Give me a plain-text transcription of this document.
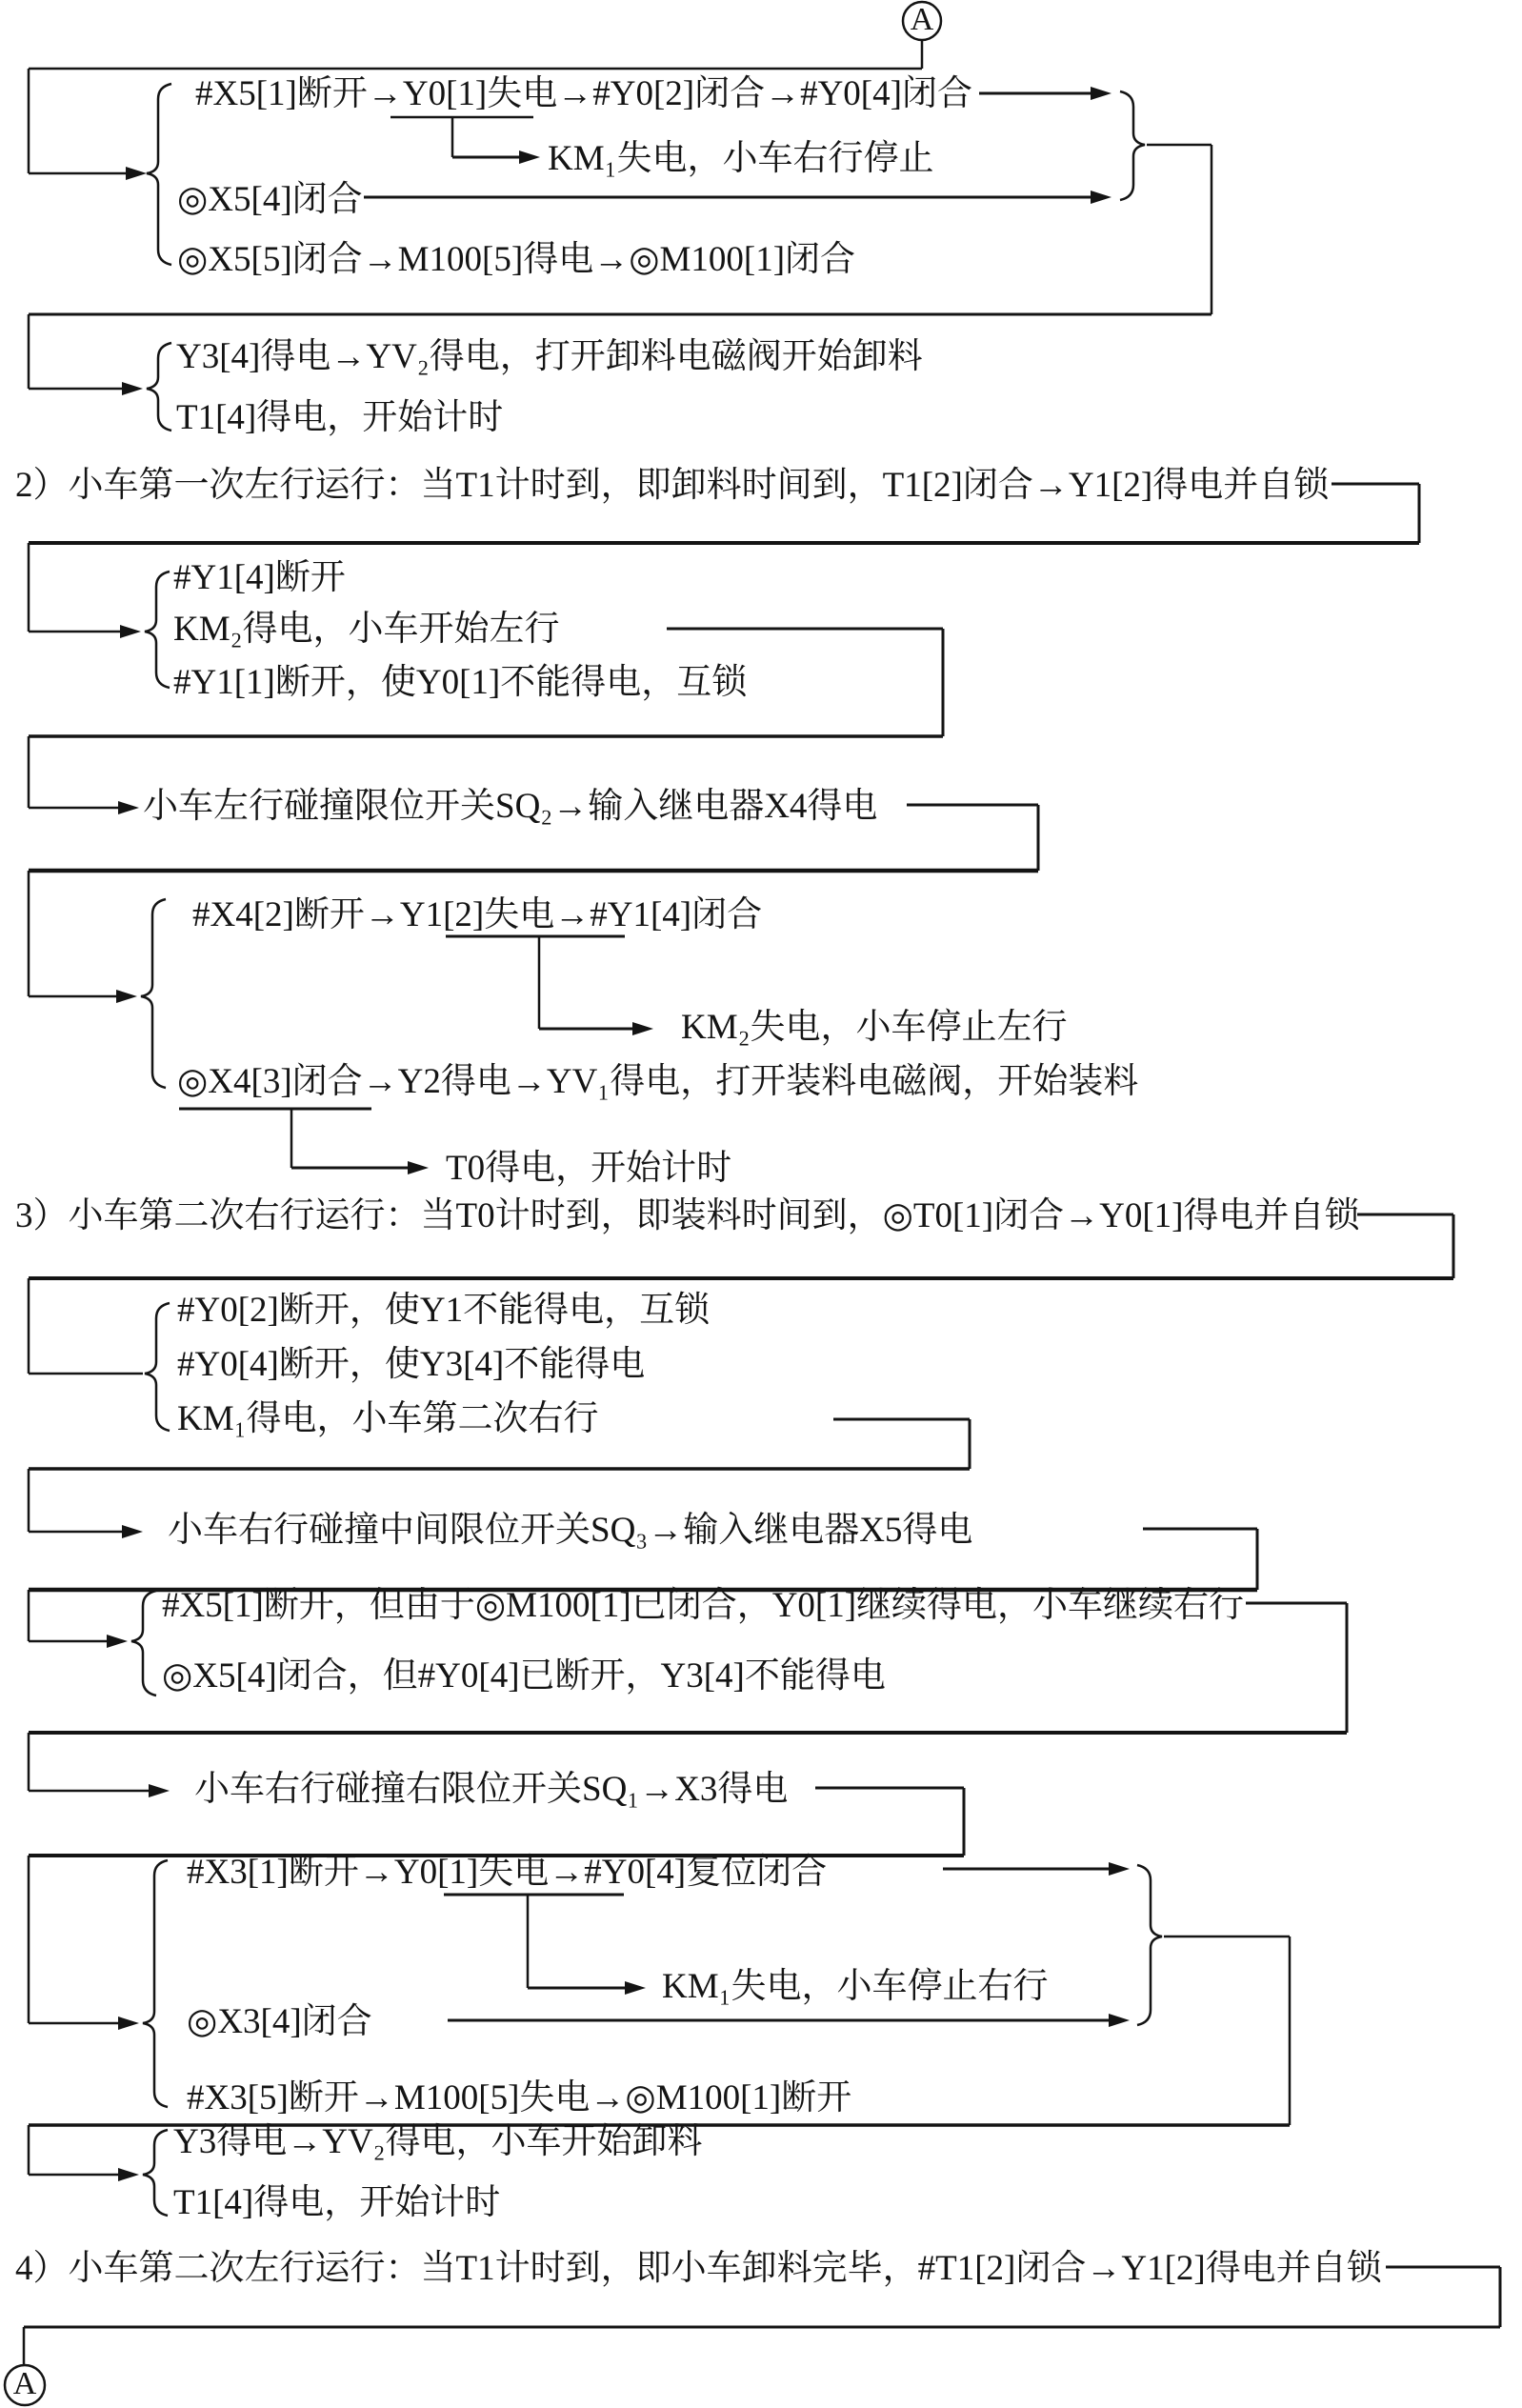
A
A
#X5[1]断开→Y0[1]失电→#Y0[2]闭合→#Y0[4]闭合
KM₁失电，小车右行停止
◎X5[4]闭合
◎X5[5]闭合→M100[5]得电→◎M100[1]闭合
Y3[4]得电→YV₂得电，打开卸料电磁阀开始卸料
T1[4]得电，开始计时
2）小车第一次左行运行：当T1计时到，即卸料时间到，T1[2]闭合→Y1[2]得电并自锁
#Y1[4]断开
KM₂得电，小车开始左行
#Y1[1]断开，使Y0[1]不能得电，互锁
小车左行碰撞限位开关SQ₂→输入继电器X4得电
#X4[2]断开→Y1[2]失电→#Y1[4]闭合
KM₂失电，小车停止左行
◎X4[3]闭合→Y2得电→YV₁得电，打开装料电磁阀，开始装料
T0得电，开始计时
3）小车第二次右行运行：当T0计时到，即装料时间到，◎T0[1]闭合→Y0[1]得电并自锁
#Y0[2]断开，使Y1不能得电，互锁
#Y0[4]断开，使Y3[4]不能得电
KM₁得电，小车第二次右行
小车右行碰撞中间限位开关SQ₃→输入继电器X5得电
#X5[1]断开，但由于◎M100[1]已闭合，Y0[1]继续得电，小车继续右行
◎X5[4]闭合，但#Y0[4]已断开，Y3[4]不能得电
小车右行碰撞右限位开关SQ₁→X3得电
#X3[1]断开→Y0[1]失电→#Y0[4]复位闭合
KM₁失电，小车停止右行
◎X3[4]闭合
#X3[5]断开→M100[5]失电→◎M100[1]断开
Y3得电→YV₂得电，小车开始卸料
T1[4]得电，开始计时
4）小车第二次左行运行：当T1计时到，即小车卸料完毕，#T1[2]闭合→Y1[2]得电并自锁
